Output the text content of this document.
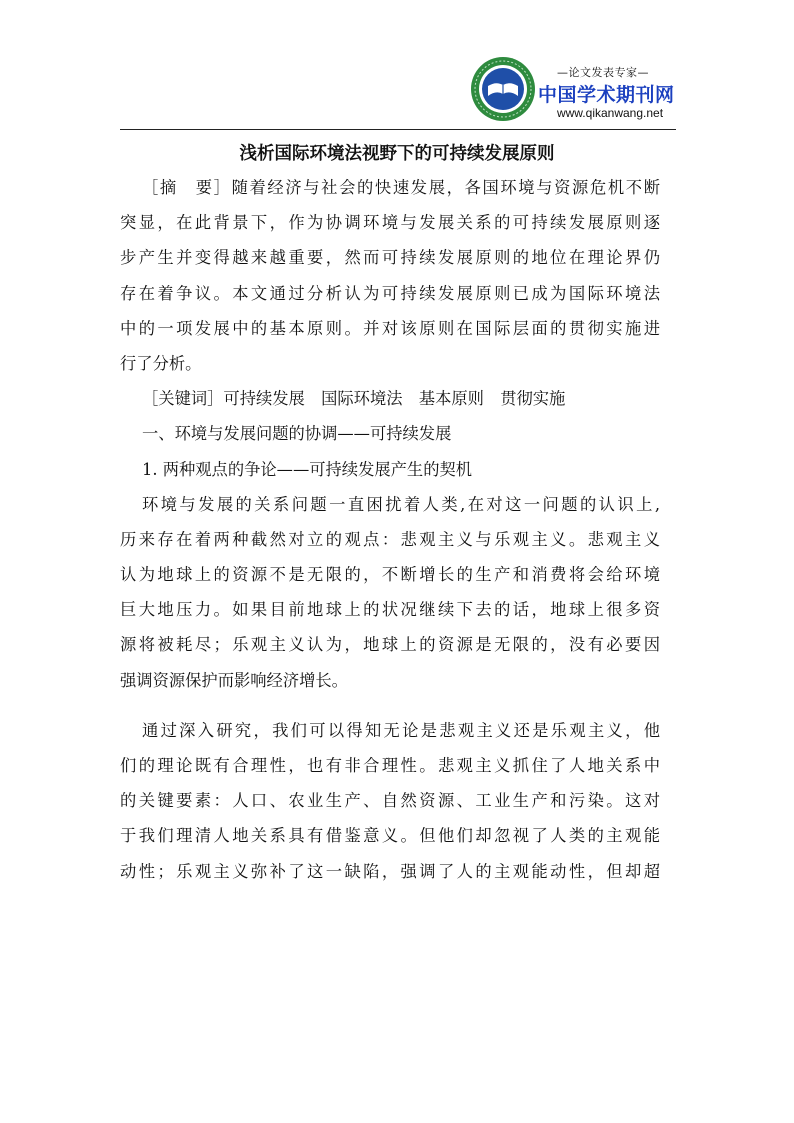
—论文发表专家—
中国学术期刊网
www.qikanwang.net
浅析国际环境法视野下的可持续发展原则
［摘　要］随着经济与社会的快速发展，各国环境与资源危机不断
突显，在此背景下，作为协调环境与发展关系的可持续发展原则逐
步产生并变得越来越重要，然而可持续发展原则的地位在理论界仍
存在着争议。本文通过分析认为可持续发展原则已成为国际环境法
中的一项发展中的基本原则。并对该原则在国际层面的贯彻实施进
行了分析。
［关键词］可持续发展　国际环境法　基本原则　贯彻实施
一、环境与发展问题的协调——可持续发展
1. 两种观点的争论——可持续发展产生的契机
环境与发展的关系问题一直困扰着人类,在对这一问题的认识上,
历来存在着两种截然对立的观点：悲观主义与乐观主义。悲观主义
认为地球上的资源不是无限的，不断增长的生产和消费将会给环境
巨大地压力。如果目前地球上的状况继续下去的话，地球上很多资
源将被耗尽；乐观主义认为，地球上的资源是无限的，没有必要因
强调资源保护而影响经济增长。
通过深入研究，我们可以得知无论是悲观主义还是乐观主义，他
们的理论既有合理性，也有非合理性。悲观主义抓住了人地关系中
的关键要素：人口、农业生产、自然资源、工业生产和污染。这对
于我们理清人地关系具有借鉴意义。但他们却忽视了人类的主观能
动性；乐观主义弥补了这一缺陷，强调了人的主观能动性，但却超
